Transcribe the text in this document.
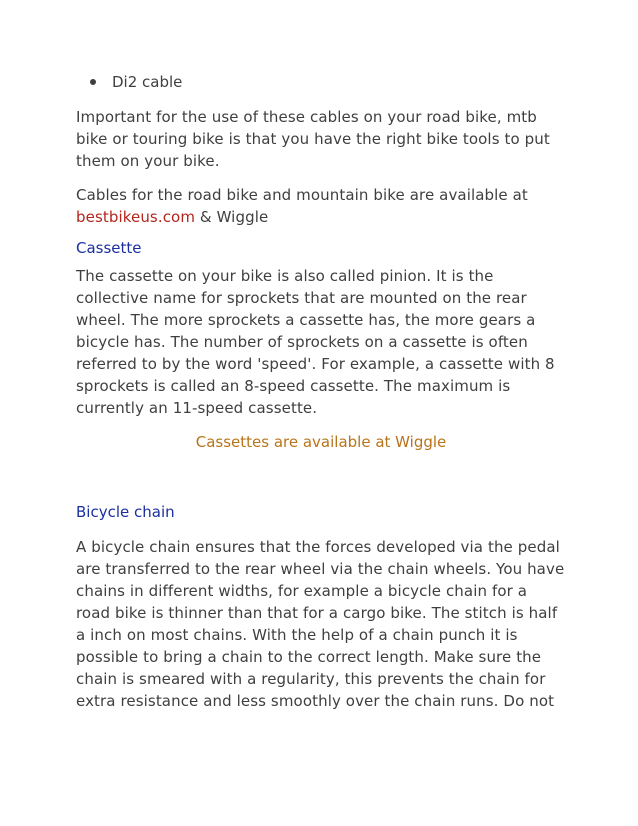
Di2 cable

Important for the use of these cables on your road bike, mtb bike or touring bike is that you have the right bike tools to put them on your bike.

Cables for the road bike and mountain bike are available at bestbikeus.com & Wiggle

Cassette

The cassette on your bike is also called pinion. It is the collective name for sprockets that are mounted on the rear wheel. The more sprockets a cassette has, the more gears a bicycle has. The number of sprockets on a cassette is often referred to by the word 'speed'. For example, a cassette with 8 sprockets is called an 8-speed cassette. The maximum is currently an 11-speed cassette.

Cassettes are available at Wiggle
Bicycle chain

A bicycle chain ensures that the forces developed via the pedal are transferred to the rear wheel via the chain wheels. You have chains in different widths, for example a bicycle chain for a road bike is thinner than that for a cargo bike. The stitch is half a inch on most chains. With the help of a chain punch it is possible to bring a chain to the correct length. Make sure the chain is smeared with a regularity, this prevents the chain for extra resistance and less smoothly over the chain runs. Do not
